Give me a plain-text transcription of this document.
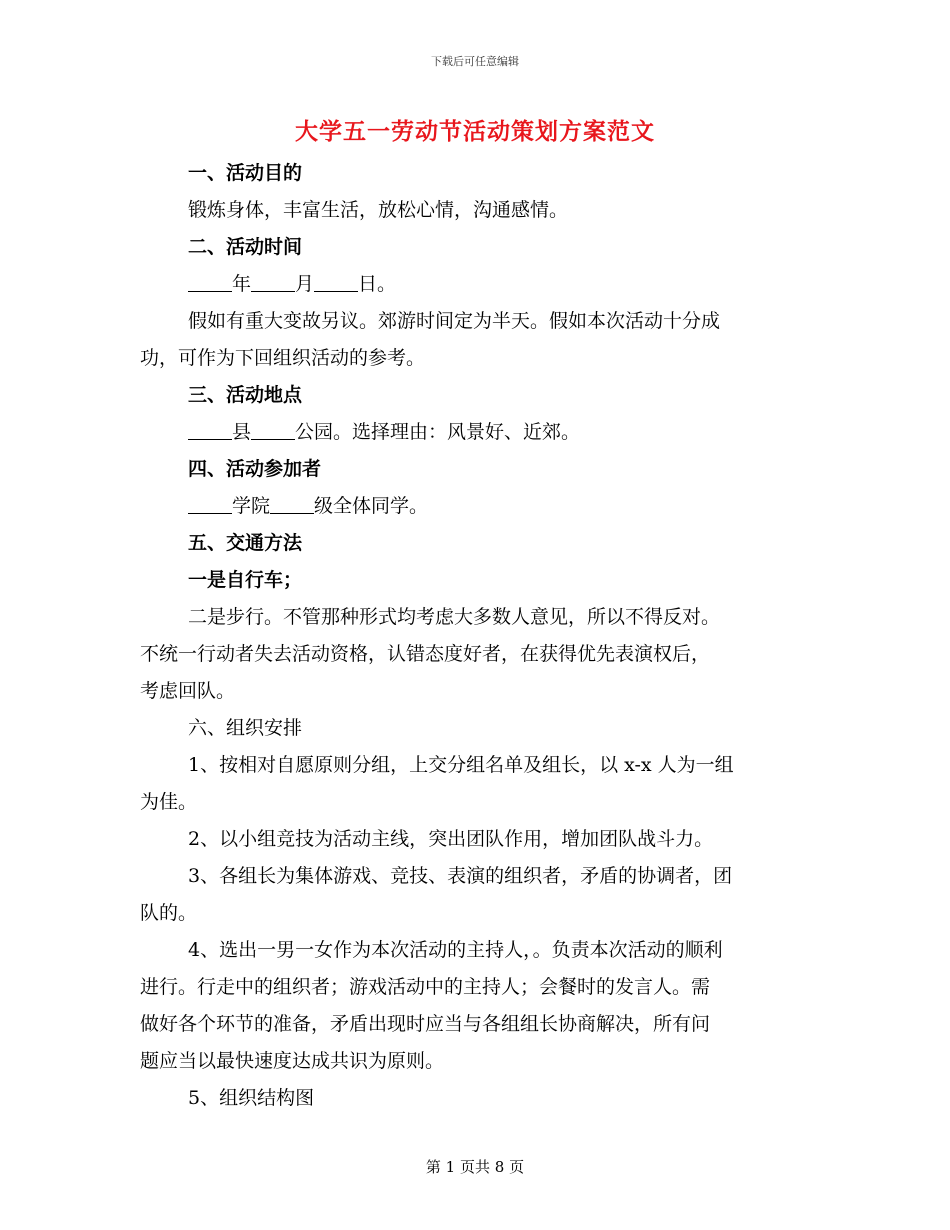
下载后可任意编辑
大学五一劳动节活动策划方案范文
一、活动目的
锻炼身体，丰富生活，放松心情，沟通感情。
二、活动时间
年 月 日。
假如有重大变故另议。郊游时间定为半天。假如本次活动十分成
功，可作为下回组织活动的参考。
三、活动地点
县 公园。选择理由：风景好、近郊。
四、活动参加者
学院 级全体同学。
五、交通方法
一是自行车；
二是步行。不管那种形式均考虑大多数人意见，所以不得反对。
不统一行动者失去活动资格，认错态度好者，在获得优先表演权后，
考虑回队。
六、组织安排
1、按相对自愿原则分组，上交分组名单及组长，以 x-x 人为一组
为佳。
2、以小组竞技为活动主线，突出团队作用，增加团队战斗力。
3、各组长为集体游戏、竞技、表演的组织者，矛盾的协调者，团
队的。
4、选出一男一女作为本次活动的主持人，。负责本次活动的顺利
进行。行走中的组织者；游戏活动中的主持人；会餐时的发言人。需
做好各个环节的准备，矛盾出现时应当与各组组长协商解决，所有问
题应当以最快速度达成共识为原则。
5、组织结构图
第 1 页共 8 页
